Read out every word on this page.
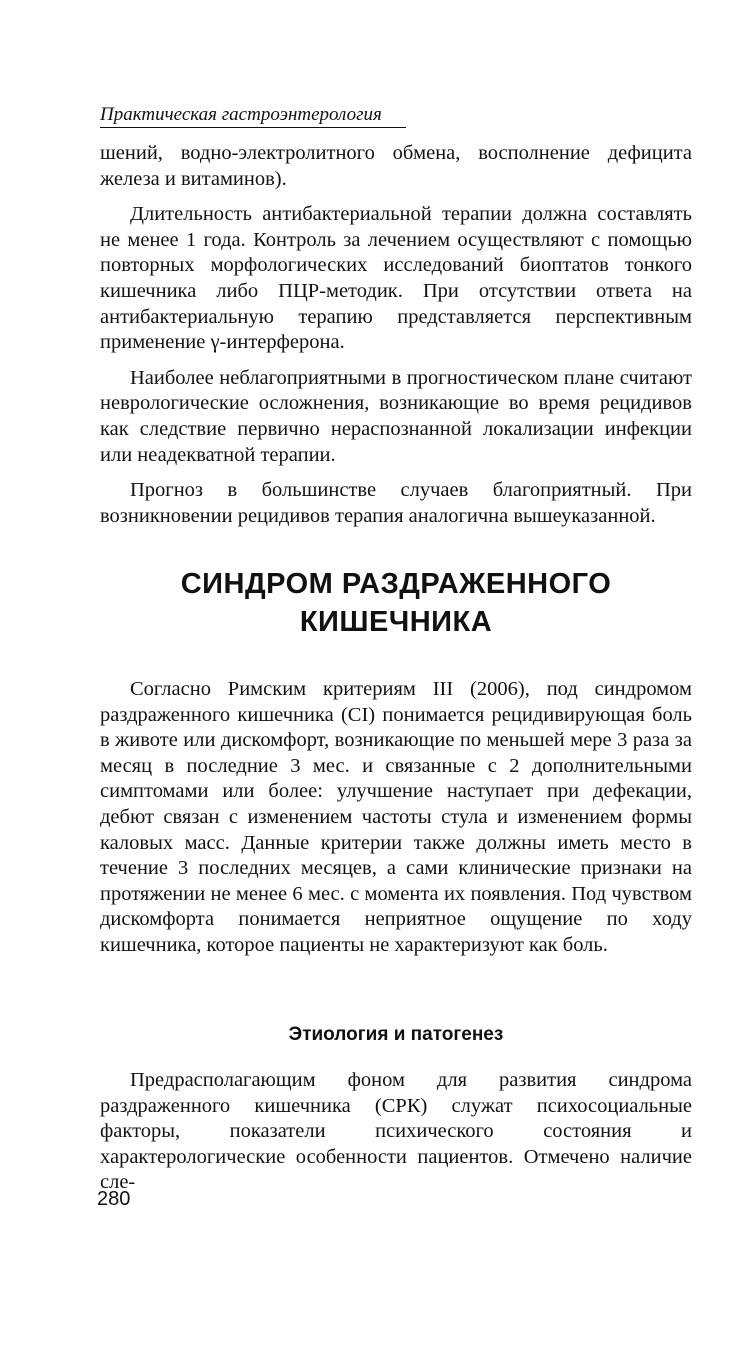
Практическая гастроэнтерология

шений, водно-электролитного обмена, восполнение дефицита железа и витаминов).

Длительность антибактериальной терапии должна составлять не менее 1 года. Контроль за лечением осуществляют с помощью повторных морфологических исследований биоптатов тонкого кишечника либо ПЦР-методик. При отсутствии ответа на антибактериальную терапию представляется перспективным применение γ-интерферона.

Наиболее неблагоприятными в прогностическом плане считают неврологические осложнения, возникающие во время рецидивов как следствие первично нераспознанной локализации инфекции или неадекватной терапии.

Прогноз в большинстве случаев благоприятный. При возникновении рецидивов терапия аналогична вышеуказанной.

СИНДРОМ РАЗДРАЖЕННОГО
КИШЕЧНИКА

Согласно Римским критериям III (2006), под синдромом раздраженного кишечника (СI) понимается рецидивирующая боль в животе или дискомфорт, возникающие по меньшей мере 3 раза за месяц в последние 3 мес. и связанные с 2 дополнительными симптомами или более: улучшение наступает при дефекации, дебют связан с изменением частоты стула и изменением формы каловых масс. Данные критерии также должны иметь место в течение 3 последних месяцев, а сами клинические признаки на протяжении не менее 6 мес. с момента их появления. Под чувством дискомфорта понимается неприятное ощущение по ходу кишечника, которое пациенты не характеризуют как боль.

Этиология и патогенез

Предрасполагающим фоном для развития синдрома раздраженного кишечника (СРК) служат психосоциальные факторы, показатели психического состояния и характерологические особенности пациентов. Отмечено наличие сле-

280
